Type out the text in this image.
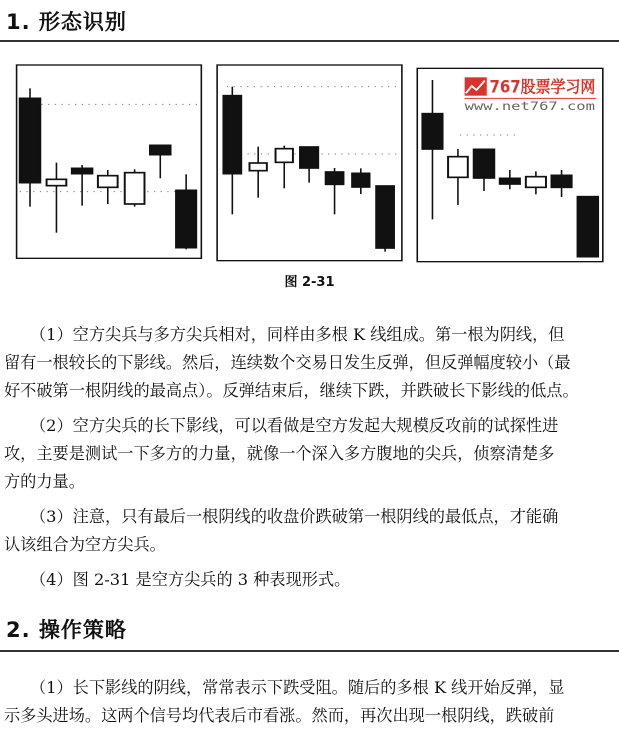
1. 形态识别
767股票学习网
www.net767.com
图 2-31
（1）空方尖兵与多方尖兵相对，同样由多根 K 线组成。第一根为阴线，但
留有一根较长的下影线。然后，连续数个交易日发生反弹，但反弹幅度较小（最
好不破第一根阴线的最高点）。反弹结束后，继续下跌，并跌破长下影线的低点。
（2）空方尖兵的长下影线，可以看做是空方发起大规模反攻前的试探性进
攻，主要是测试一下多方的力量，就像一个深入多方腹地的尖兵，侦察清楚多
方的力量。
（3）注意，只有最后一根阴线的收盘价跌破第一根阴线的最低点，才能确
认该组合为空方尖兵。
（4）图 2-31 是空方尖兵的 3 种表现形式。
2. 操作策略
（1）长下影线的阴线，常常表示下跌受阻。随后的多根 K 线开始反弹，显
示多头进场。这两个信号均代表后市看涨。然而，再次出现一根阴线，跌破前
